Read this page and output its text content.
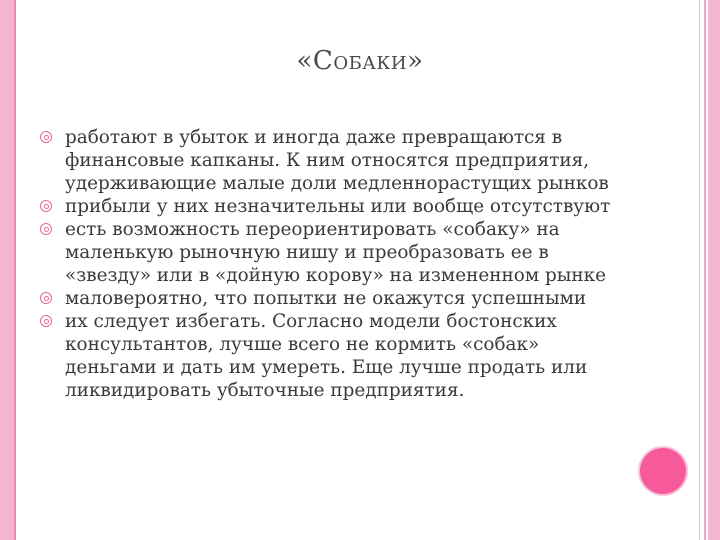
«Собаки»
работают в убыток и иногда даже превращаются в финансовые капканы. К ним относятся предприятия, удерживающие малые доли медленнорастущих рынков
прибыли у них незначительны или вообще отсутствуют
есть возможность переориентировать «собаку» на маленькую рыночную нишу и преобразовать ее в «звезду» или в «дойную корову» на измененном рынке
маловероятно, что попытки не окажутся успешными
их следует избегать. Согласно модели бостонских консультантов, лучше всего не кормить «собак» деньгами и дать им умереть. Еще лучше продать или ликвидировать убыточные предприятия.
